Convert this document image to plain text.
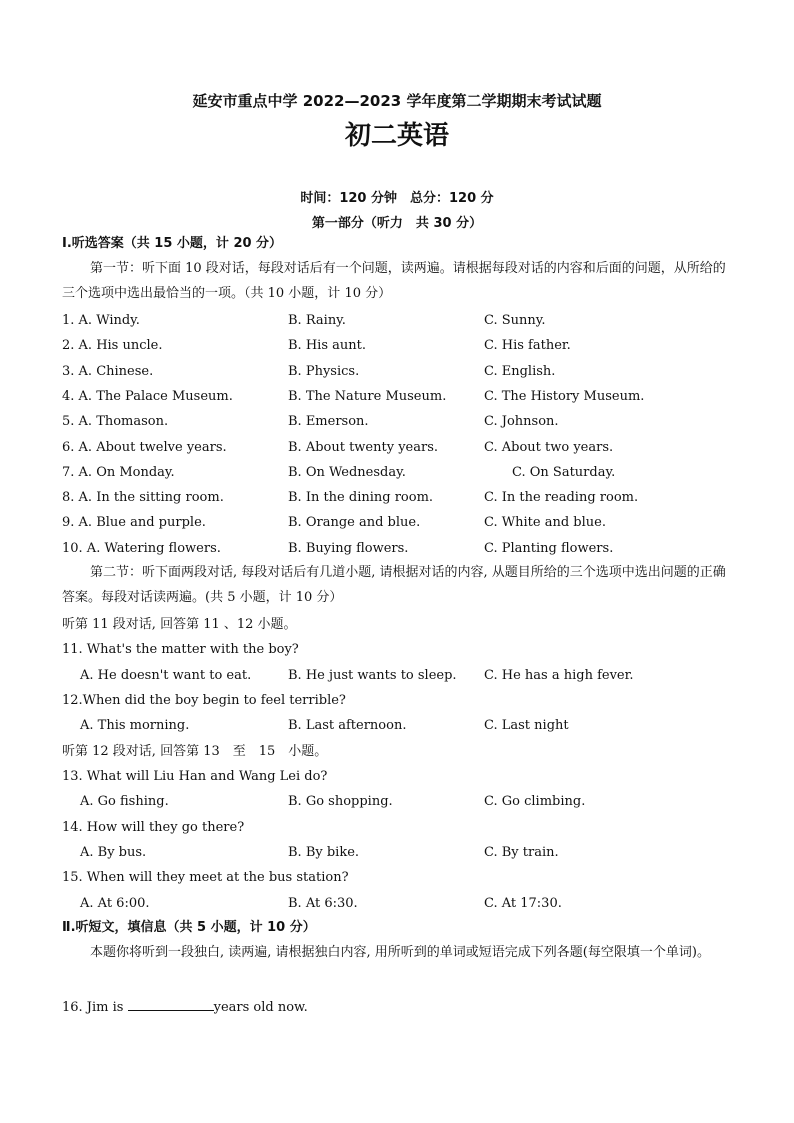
延安市重点中学 2022—2023 学年度第二学期期末考试试题
初二英语
时间：120 分钟　总分：120 分
第一部分（听力　共 30 分）
I.听选答案（共 15 小题，计 20 分）
第一节：听下面 10 段对话，每段对话后有一个问题，读两遍。请根据每段对话的内容和后面的问题，从所给的三个选项中选出最恰当的一项。（共 10 小题，计 10 分）
1. A. Windy.	B. Rainy.	C. Sunny.
2. A. His uncle.	B. His aunt.	C. His father.
3. A. Chinese.	B. Physics.	C. English.
4. A. The Palace Museum.	B. The Nature Museum.	C. The History Museum.
5. A. Thomason.	B. Emerson.	C. Johnson.
6. A. About twelve years.	B. About twenty years.	C. About two years.
7. A. On Monday.	B. On Wednesday.	C. On Saturday.
8. A. In the sitting room.	B. In the dining room.	C. In the reading room.
9. A. Blue and purple.	B. Orange and blue.	C. White and blue.
10. A. Watering flowers.	B. Buying flowers.	C. Planting flowers.
第二节：听下面两段对话, 每段对话后有几道小题, 请根据对话的内容, 从题目所给的三个选项中选出问题的正确答案。每段对话读两遍。(共 5 小题，计 10 分）
听第 11 段对话, 回答第 11 、12 小题。
11. What's the matter with the boy?
A. He doesn't want to eat.	B. He just wants to sleep. C. He has a high fever.
12.When did the boy begin to feel terrible?
A. This morning.	B. Last afternoon.	C. Last night
听第 12 段对话, 回答第 13　至　15　小题。
13. What will Liu Han and Wang Lei do?
A. Go fishing.	B. Go shopping.	C. Go climbing.
14. How will they go there?
A. By bus.	B. By bike.	C. By train.
15. When will they meet at the bus station?
A. At 6:00.	B. At 6:30.	C. At 17:30.
Ⅱ.听短文，填信息（共 5 小题，计 10 分）
本题你将听到一段独白, 读两遍, 请根据独白内容, 用所听到的单词或短语完成下列各题(每空限填一个单词)。
16. Jim is	years old now.
